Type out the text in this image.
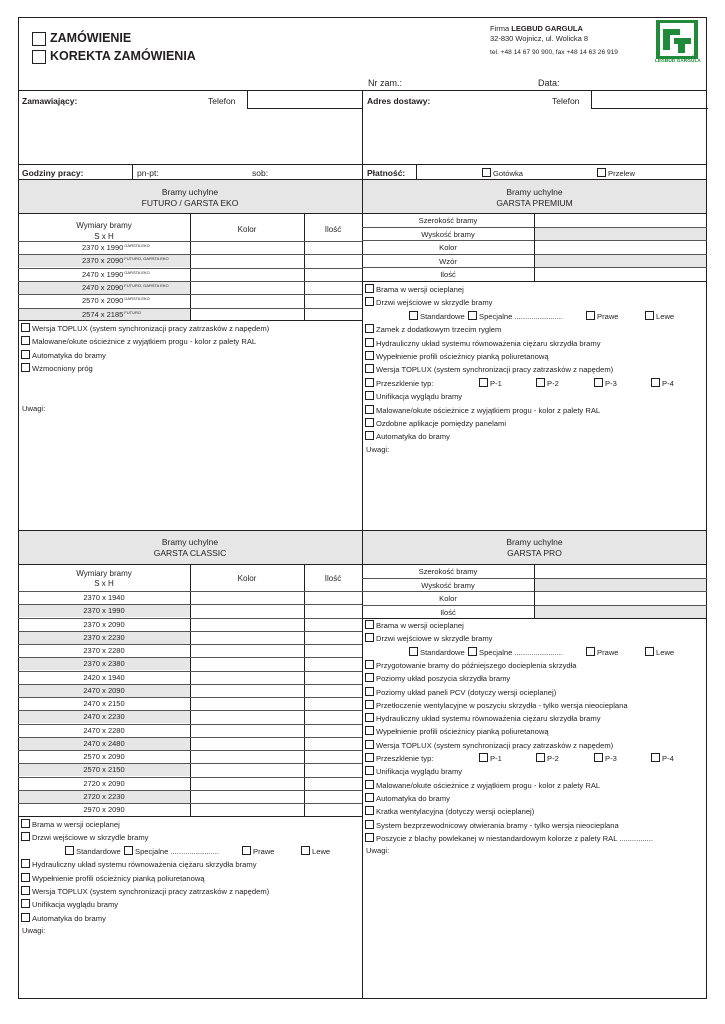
ZAMÓWIENIE
KOREKTA ZAMÓWIENIA
Firma LEGBUD GARGULA
32-830 Wojnicz, ul. Wolicka 8
tel. +48 14 67 90 900, fax +48 14 63 26 919
LEGBUD GARGULA
Nr zam.:	Data:
Zamawiający:	Telefon	Adres dostawy:	Telefon
Godziny pracy:	pn-pt:	sob:	Płatność:	Gotówka	Przelew
Bramy uchylne
FUTURO / GARSTA EKO
Bramy uchylne
GARSTA PREMIUM
Wymiary bramy
S x H
Kolor	Ilość
2370 x $1990^{GARSTA EKO}$
2370 x $2090^{FUTURO, GARSTA EKO}$
2470 x $1990^{GARSTA EKO}$
2470 x $2090^{FUTURO, GARSTA EKO}$
2570 x $2090^{GARSTA EKO}$
2574 x $2185^{FUTURO}$
Wersja TOPLUX (system synchronizacji pracy zatrzasków z napędem)
Malowane/okute ościeżnice z wyjątkiem progu - kolor z palety RAL
Automatyka do bramy
Wzmocniony próg
Uwagi:
Szerokość bramy
Wyskość bramy
Kolor
Wzór
Ilość
Brama w wersji ocieplanej
Drzwi wejściowe w skrzydle bramy
Standardowe	Specjalne .......................	Prawe	Lewe
Zamek z dodatkowym trzecim ryglem
Hydrauliczny układ systemu równoważenia ciężaru skrzydła bramy
Wypełnienie profili ościeżnicy pianką poliuretanową
Wersja TOPLUX (system synchronizacji pracy zatrzasków z napędem)
Przeszklenie typ:	P-1	P-2	P-3	P-4
Unifikacja wyglądu bramy
Malowane/okute ościeżnice z wyjątkiem progu - kolor z palety RAL
Ozdobne aplikacje pomiędzy panelami
Automatyka do bramy
Uwagi:
Bramy uchylne
GARSTA CLASSIC
Bramy uchylne
GARSTA PRO
Wymiary bramy
S x H
Kolor	Ilość
2370 x 1940
2370 x 1990
2370 x 2090
2370 x 2230
2370 x 2280
2370 x 2380
2420 x 1940
2470 x 2090
2470 x 2150
2470 x 2230
2470 x 2280
2470 x 2480
2570 x 2090
2570 x 2150
2720 x 2090
2720 x 2230
2970 x 2090
Brama w wersji ocieplanej
Drzwi wejściowe w skrzydle bramy
Standardowe	Specjalne .......................	Prawe	Lewe
Hydrauliczny układ systemu równoważenia ciężaru skrzydła bramy
Wypełnienie profili ościeżnicy pianką poliuretanową
Wersja TOPLUX (system synchronizacji pracy zatrzasków z napędem)
Unifikacja wyglądu bramy
Automatyka do bramy
Uwagi:
Szerokość bramy
Wyskość bramy
Kolor
Ilość
Brama w wersji ocieplanej
Drzwi wejściowe w skrzydle bramy
Standardowe	Specjalne .......................	Prawe	Lewe
Przygotowanie bramy do późniejszego docieplenia skrzydła
Poziomy układ poszycia skrzydła bramy
Poziomy układ paneli PCV (dotyczy wersji ocieplanej)
Przetłoczenie wentylacyjne w poszyciu skrzydła - tylko wersja nieocieplana
Hydrauliczny układ systemu równoważenia ciężaru skrzydła bramy
Wypełnienie profili ościeżnicy pianką poliuretanową
Wersja TOPLUX (system synchronizacji pracy zatrzasków z napędem)
Przeszklenie typ:	P-1	P-2	P-3	P-4
Unifikacja wyglądu bramy
Malowane/okute ościeżnice z wyjątkiem progu - kolor z palety RAL
Automatyka do bramy
Kratka wentylacyjna (dotyczy wersji ocieplanej)
System bezprzewodnicowy otwierania bramy - tylko wersja nieocieplana
Poszycie z blachy powlekanej w niestandardowym kolorze z palety RAL ................
Uwagi:
